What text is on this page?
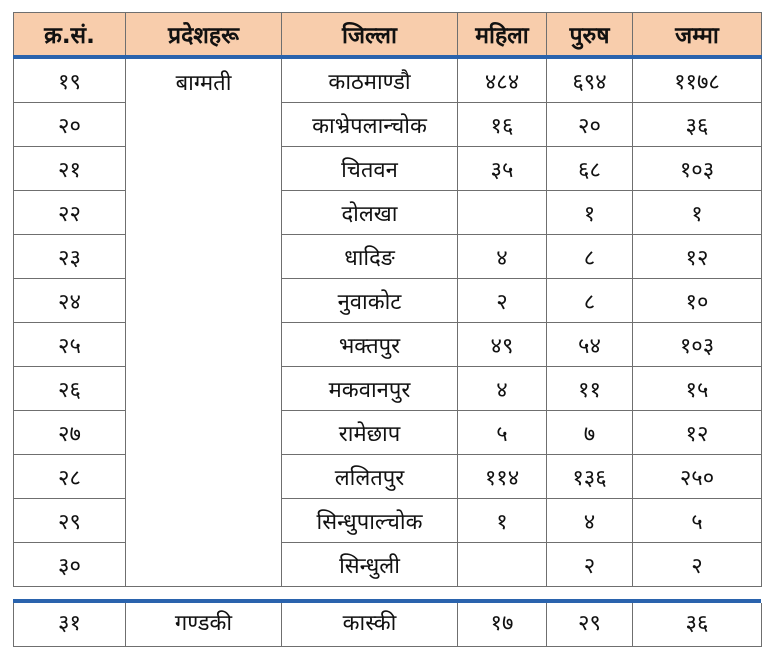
क्र.सं.	प्रदेशहरू	जिल्ला	महिला	पुरुष	जम्मा
१९	बाग्मती	काठमाण्डौ	४८४	६९४	११७८
२०		काभ्रेपलान्चोक	१६	२०	३६
२१		चितवन	३५	६८	१०३
२२		दोलखा		१	१
२३		धादिङ	४	८	१२
२४		नुवाकोट	२	८	१०
२५		भक्तपुर	४९	५४	१०३
२६		मकवानपुर	४	११	१५
२७		रामेछाप	५	७	१२
२८		ललितपुर	११४	१३६	२५०
२९		सिन्धुपाल्चोक	१	४	५
३०		सिन्धुली		२	२
३१	गण्डकी	कास्की	१७	२९	३६
